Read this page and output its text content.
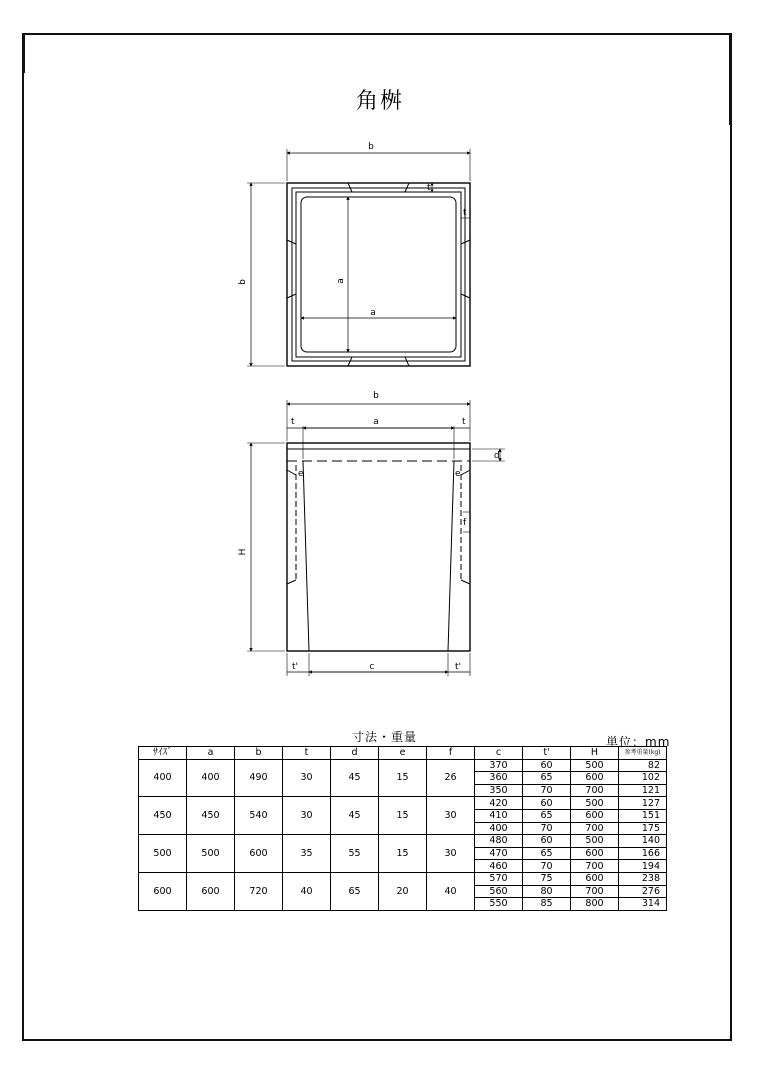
角桝
b
b
a
a
t
t
b
a
t	t
d
H
e	e
f
t'	t'
c
寸法・重量	単位：mm
ｻｲｽﾞ	a	b	t	d	e	f	c	t'	H	参考重量(kg)
400	400	490	30	45	15	26	370	60	500	82
							360	65	600	102
							350	70	700	121
450	450	540	30	45	15	30	420	60	500	127
							410	65	600	151
							400	70	700	175
500	500	600	35	55	15	30	480	60	500	140
							470	65	600	166
							460	70	700	194
600	600	720	40	65	20	40	570	75	600	238
							560	80	700	276
							550	85	800	314
